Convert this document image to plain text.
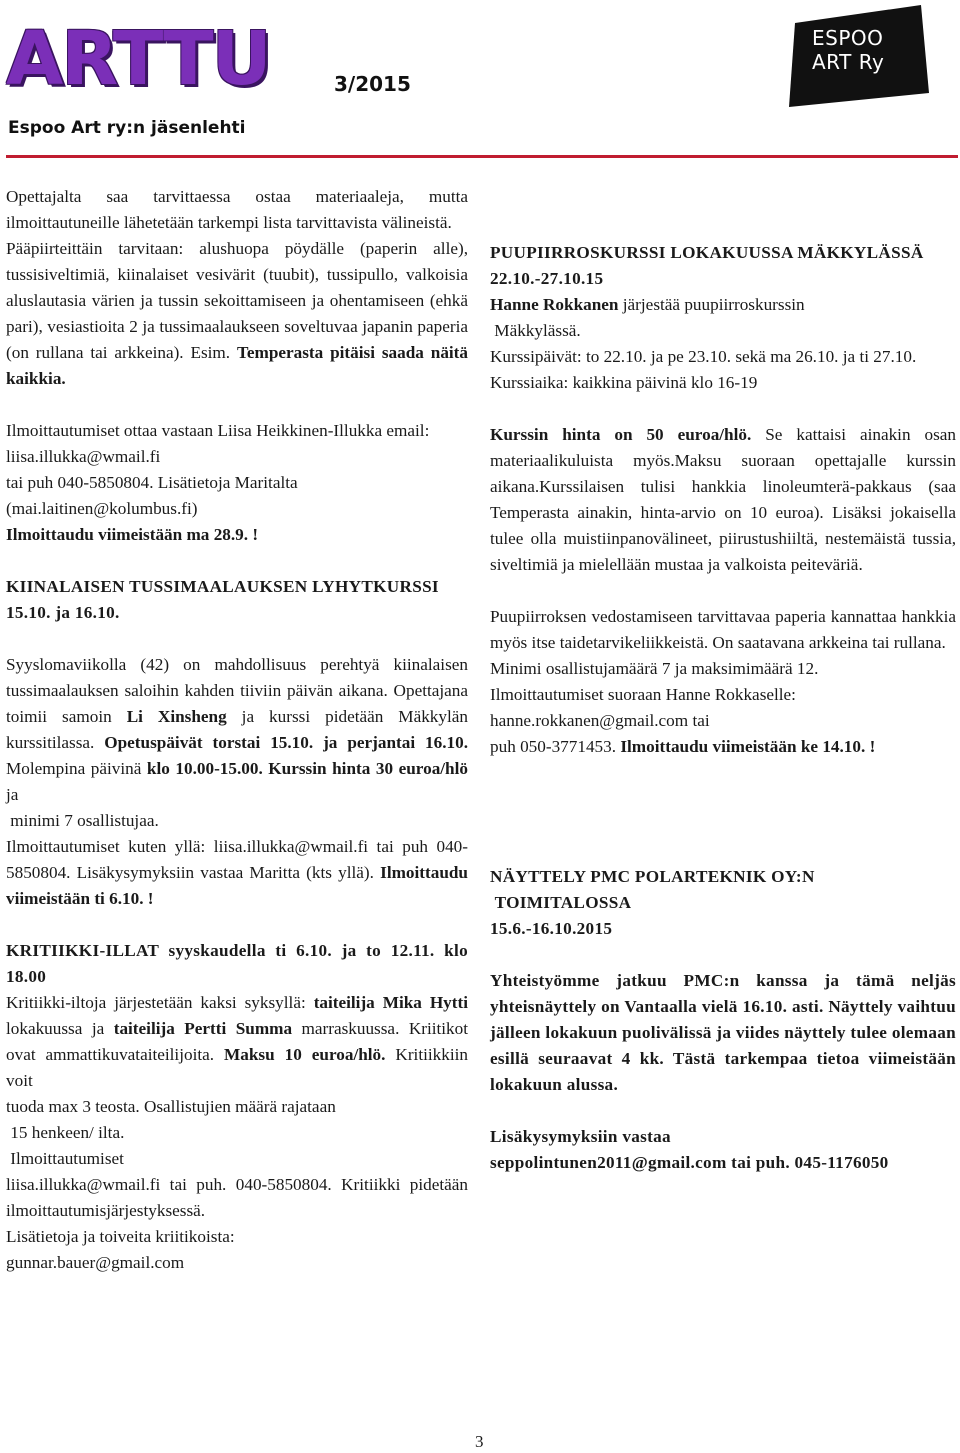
ARTTU	3/2015
Espoo Art ry:n jäsenlehti
ESPOO
ART Ry

Opettajalta saa tarvittaessa ostaa materiaaleja, mutta ilmoittautuneille lähetetään tarkempi lista tarvittavista välineistä.

Pääpiirteittäin tarvitaan: alushuopa pöydälle (paperin alle), tussisiveltimiä, kiinalaiset vesivärit (tuubit), tussipullo, valkoisia aluslautasia värien ja tussin sekoittamiseen ja ohentamiseen (ehkä pari), vesiastioita 2 ja tussimaalaukseen soveltuvaa japanin paperia (on rullana tai arkkeina). Esim. Temperasta pitäisi saada näitä kaikkia.

Ilmoittautumiset ottaa vastaan Liisa Heikkinen-Illukka email: liisa.illukka@wmail.fi
tai puh 040-5850804. Lisätietoja Maritalta
(mai.laitinen@kolumbus.fi)
Ilmoittaudu viimeistään ma 28.9. !

KIINALAISEN TUSSIMAALAUKSEN LYHYTKURSSI

15.10. ja 16.10.

Syyslomaviikolla (42) on mahdollisuus perehtyä kiinalaisen tussimaalauksen saloihin kahden tiiviin päivän aikana. Opettajana toimii samoin Li Xinsheng ja kurssi pidetään Mäkkylän kurssitilassa. Opetuspäivät torstai 15.10. ja perjantai 16.10. Molempina päivinä klo 10.00-15.00. Kurssin hinta 30 euroa/hlö ja
minimi 7 osallistujaa.

Ilmoittautumiset kuten yllä: liisa.illukka@wmail.fi tai puh 040-5850804. Lisäkysymyksiin vastaa Maritta (kts yllä). Ilmoittaudu viimeistään ti 6.10. !

KRITIIKKI-ILLAT syyskaudella ti 6.10. ja to 12.11. klo 18.00

Kritiikki-iltoja järjestetään kaksi syksyllä: taiteilija Mika Hytti lokakuussa ja taiteilija Pertti Summa marraskuussa. Kriitikot ovat ammattikuvataiteilijoita. Maksu 10 euroa/hlö. Kritiikkiin voit

tuoda max 3 teosta. Osallistujien määrä rajataan
15 henkeen/ ilta.
Ilmoittautumiset

liisa.illukka@wmail.fi tai puh. 040-5850804. Kritiikki pidetään ilmoittautumisjärjestyksessä.

Lisätietoja ja toiveita kriitikoista:
gunnar.bauer@gmail.com

PUUPIIRROSKURSSI LOKAKUUSSA MÄKKYLÄSSÄ

22.10.-27.10.15

Hanne Rokkanen järjestää puupiirroskurssin
Mäkkylässä.

Kurssipäivät: to 22.10. ja pe 23.10. sekä ma 26.10. ja ti 27.10.

Kurssiaika: kaikkina päivinä klo 16-19

Kurssin hinta on 50 euroa/hlö. Se kattaisi ainakin osan materiaalikuluista myös.Maksu suoraan opettajalle kurssin aikana.Kurssilaisen tulisi hankkia linoleumterä-pakkaus (saa Temperasta ainakin, hinta-arvio on 10 euroa). Lisäksi jokaisella tulee olla muistiinpanovälineet, piirustushiiltä, nestemäistä tussia, siveltimiä ja mielellään mustaa ja valkoista peiteväriä.

Puupiirroksen vedostamiseen tarvittavaa paperia kannattaa hankkia myös itse taidetarvikeliikkeistä. On saatavana arkkeina tai rullana.

Minimi osallistujamäärä 7 ja maksimimäärä 12.

Ilmoittautumiset suoraan Hanne Rokkaselle:

hanne.rokkanen@gmail.com tai

puh 050-3771453. Ilmoittaudu viimeistään ke 14.10. !

NÄYTTELY PMC POLARTEKNIK OY:N
TOIMITALOSSA

15.6.-16.10.2015

Yhteistyömme jatkuu PMC:n kanssa ja tämä neljäs yhteisnäyttely on Vantaalla vielä 16.10. asti. Näyttely vaihtuu jälleen lokakuun puolivälissä ja viides näyttely tulee olemaan esillä seuraavat 4 kk. Tästä tarkempaa tietoa viimeistään lokakuun alussa.

Lisäkysymyksiin vastaa
seppolintunen2011@gmail.com tai puh. 045-1176050

3
